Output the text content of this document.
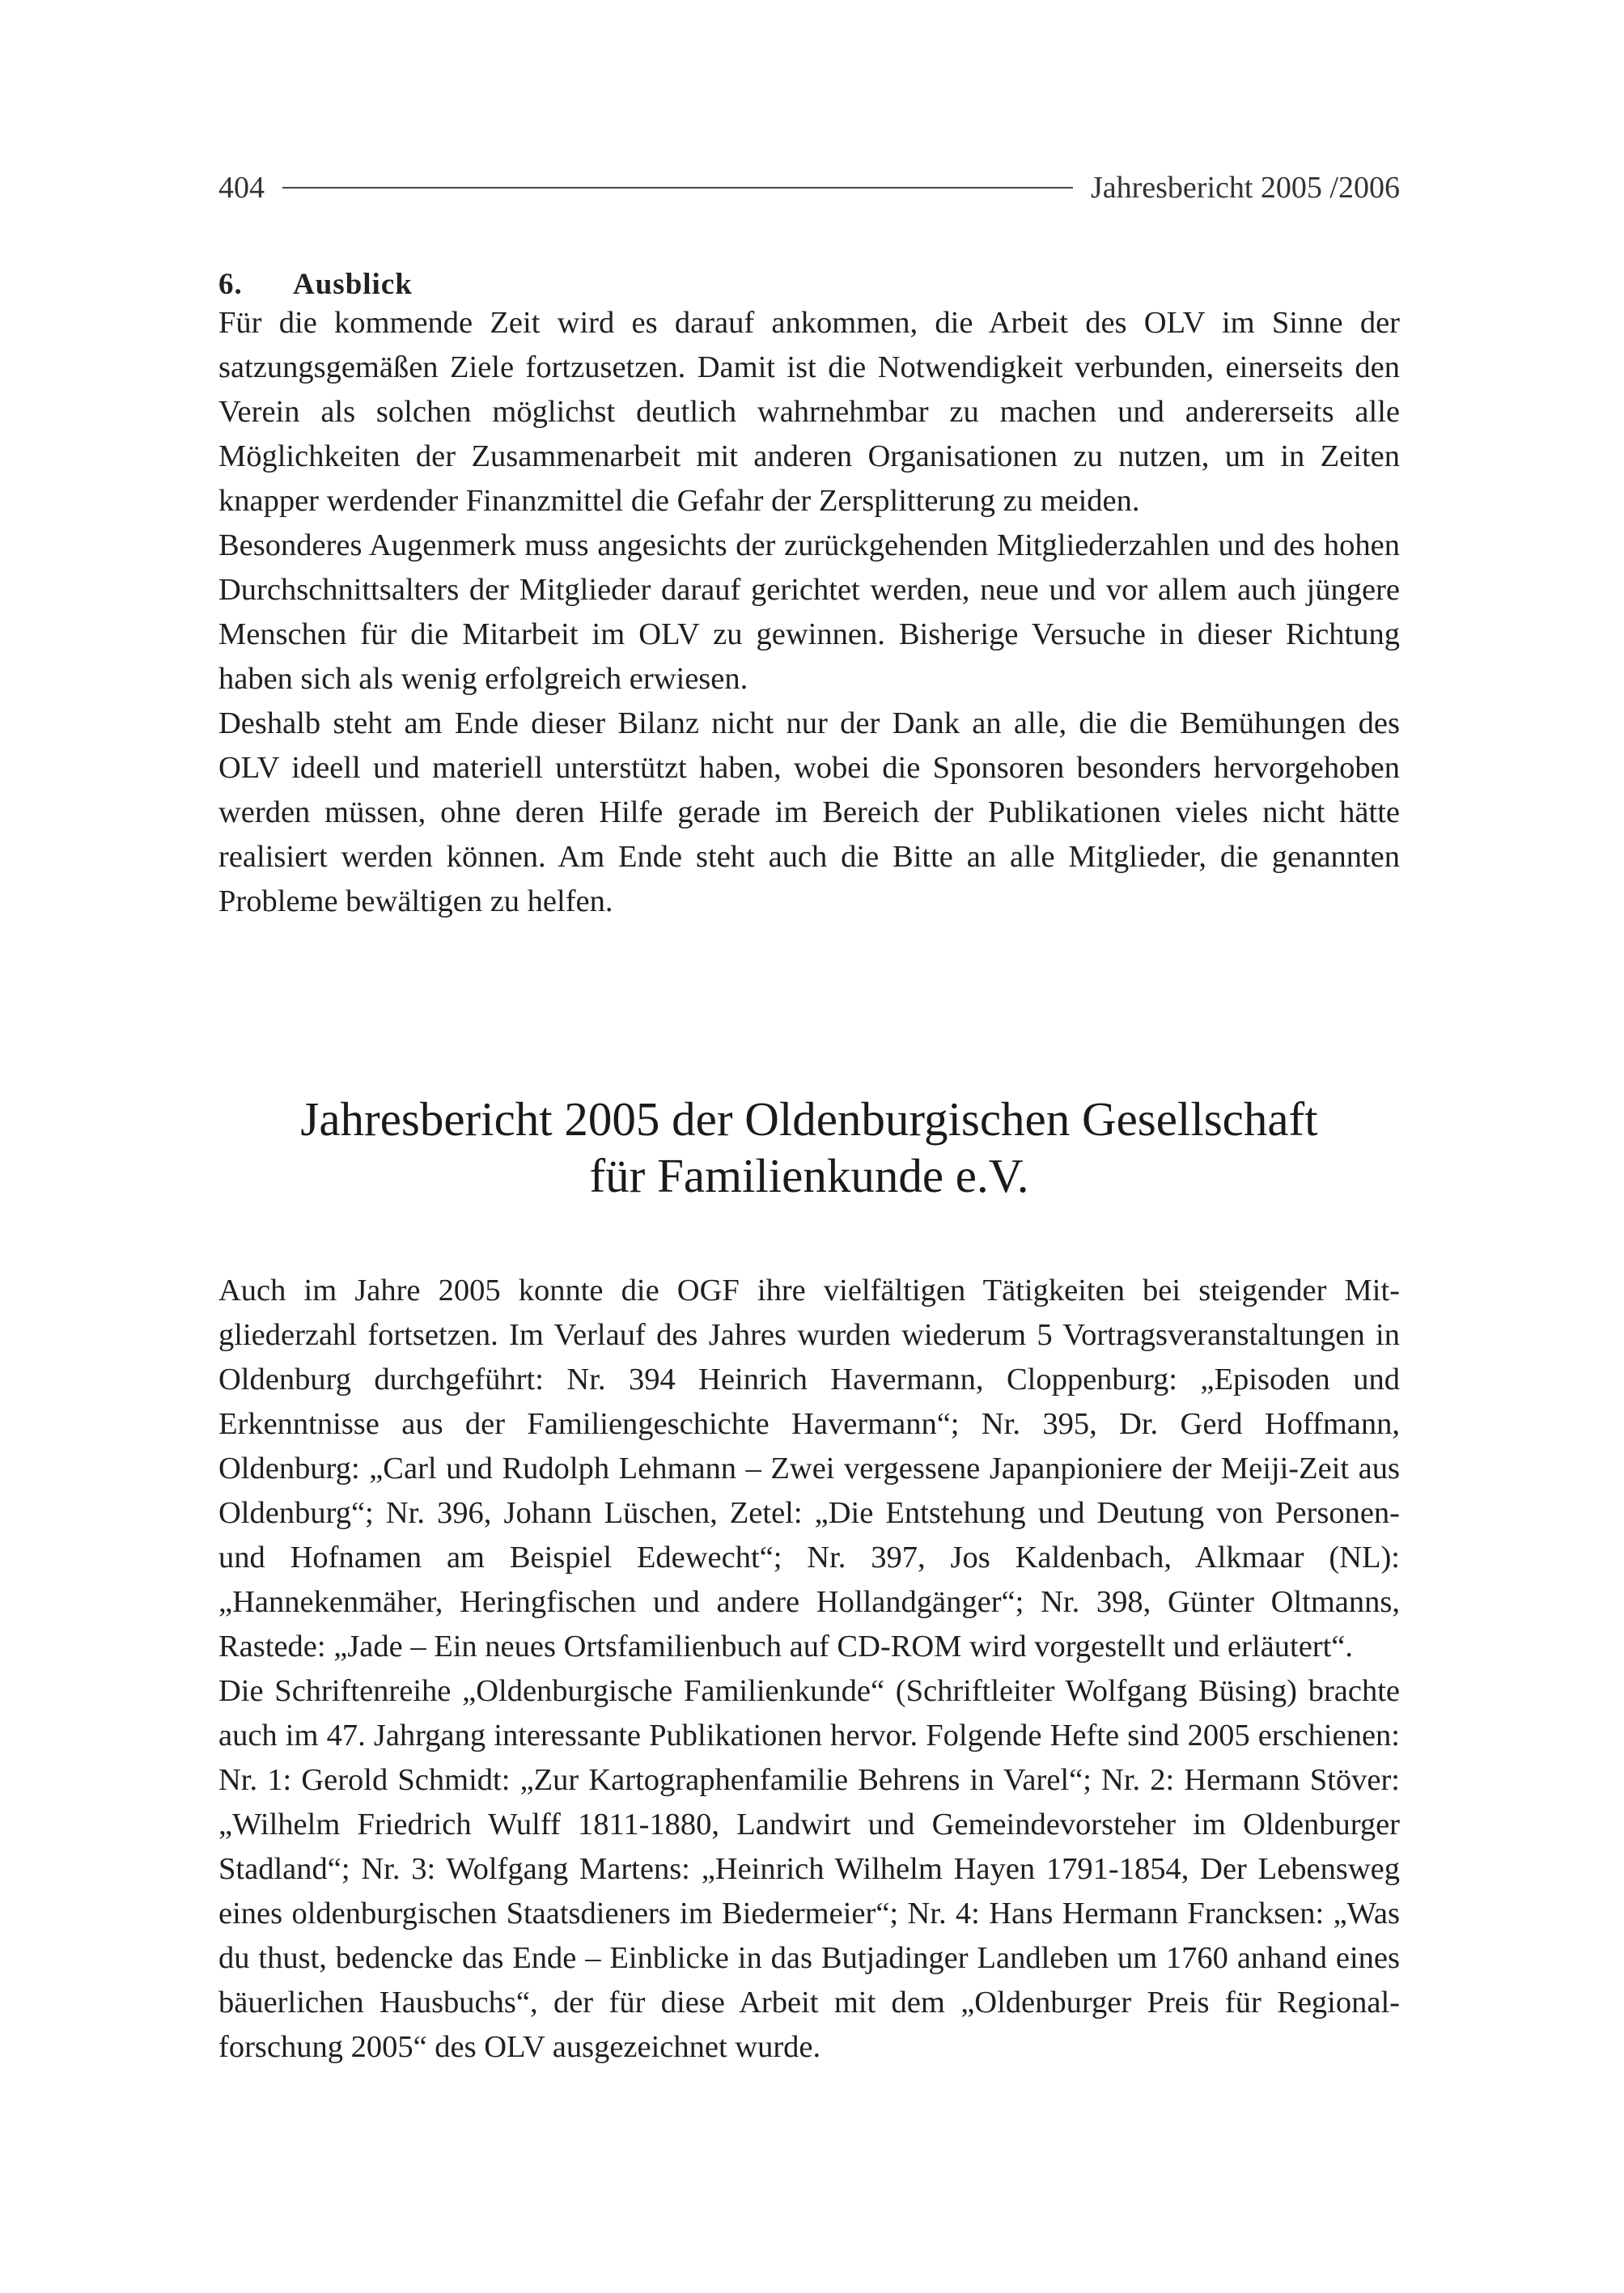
404	Jahresbericht 2005 /2006
6. Ausblick

Für die kommende Zeit wird es darauf ankommen, die Arbeit des OLV im Sinne der satzungsgemäßen Ziele fortzusetzen. Damit ist die Notwendigkeit verbunden, einerseits den Verein als solchen möglichst deutlich wahrnehmbar zu machen und andererseits alle Möglichkeiten der Zusammenarbeit mit anderen Organisationen zu nutzen, um in Zeiten knapper werdender Finanzmittel die Gefahr der Zersplitterung zu meiden.

Besonderes Augenmerk muss angesichts der zurückgehenden Mitgliederzahlen und des hohen Durchschnittsalters der Mitglieder darauf gerichtet werden, neue und vor allem auch jüngere Menschen für die Mitarbeit im OLV zu gewinnen. Bisherige Versuche in dieser Richtung haben sich als wenig erfolgreich erwiesen.

Deshalb steht am Ende dieser Bilanz nicht nur der Dank an alle, die die Bemühungen des OLV ideell und materiell unterstützt haben, wobei die Sponsoren besonders hervorgehoben werden müssen, ohne deren Hilfe gerade im Bereich der Publikationen vieles nicht hätte realisiert werden können. Am Ende steht auch die Bitte an alle Mitglieder, die genannten Probleme bewältigen zu helfen.

Jahresbericht 2005 der Oldenburgischen Gesellschaft
für Familienkunde e.V.

Auch im Jahre 2005 konnte die OGF ihre vielfältigen Tätigkeiten bei steigender Mitgliederzahl fortsetzen. Im Verlauf des Jahres wurden wiederum 5 Vortragsveranstaltungen in Oldenburg durchgeführt: Nr. 394 Heinrich Havermann, Cloppenburg: „Episoden und Erkenntnisse aus der Familiengeschichte Havermann“; Nr. 395, Dr. Gerd Hoffmann, Oldenburg: „Carl und Rudolph Lehmann – Zwei vergessene Japanpioniere der Meiji-Zeit aus Oldenburg“; Nr. 396, Johann Lüschen, Zetel: „Die Entstehung und Deutung von Personen- und Hofnamen am Beispiel Edewecht“; Nr. 397, Jos Kaldenbach, Alkmaar (NL): „Hannekenmäher, Heringfischen und andere Hollandgänger“; Nr. 398, Günter Oltmanns, Rastede: „Jade – Ein neues Ortsfamilienbuch auf CD-ROM wird vorgestellt und erläutert“.

Die Schriftenreihe „Oldenburgische Familienkunde“ (Schriftleiter Wolfgang Büsing) brachte auch im 47. Jahrgang interessante Publikationen hervor. Folgende Hefte sind 2005 erschienen: Nr. 1: Gerold Schmidt: „Zur Kartographenfamilie Behrens in Varel“; Nr. 2: Hermann Stöver: „Wilhelm Friedrich Wulff 1811-1880, Landwirt und Gemeindevorsteher im Oldenburger Stadland“; Nr. 3: Wolfgang Martens: „Heinrich Wilhelm Hayen 1791-1854, Der Lebensweg eines oldenburgischen Staatsdieners im Biedermeier“; Nr. 4: Hans Hermann Francksen: „Was du thust, bedencke das Ende – Einblicke in das Butjadinger Landleben um 1760 anhand eines bäuerlichen Hausbuchs“, der für diese Arbeit mit dem „Oldenburger Preis für Regionalforschung 2005“ des OLV ausgezeichnet wurde.
